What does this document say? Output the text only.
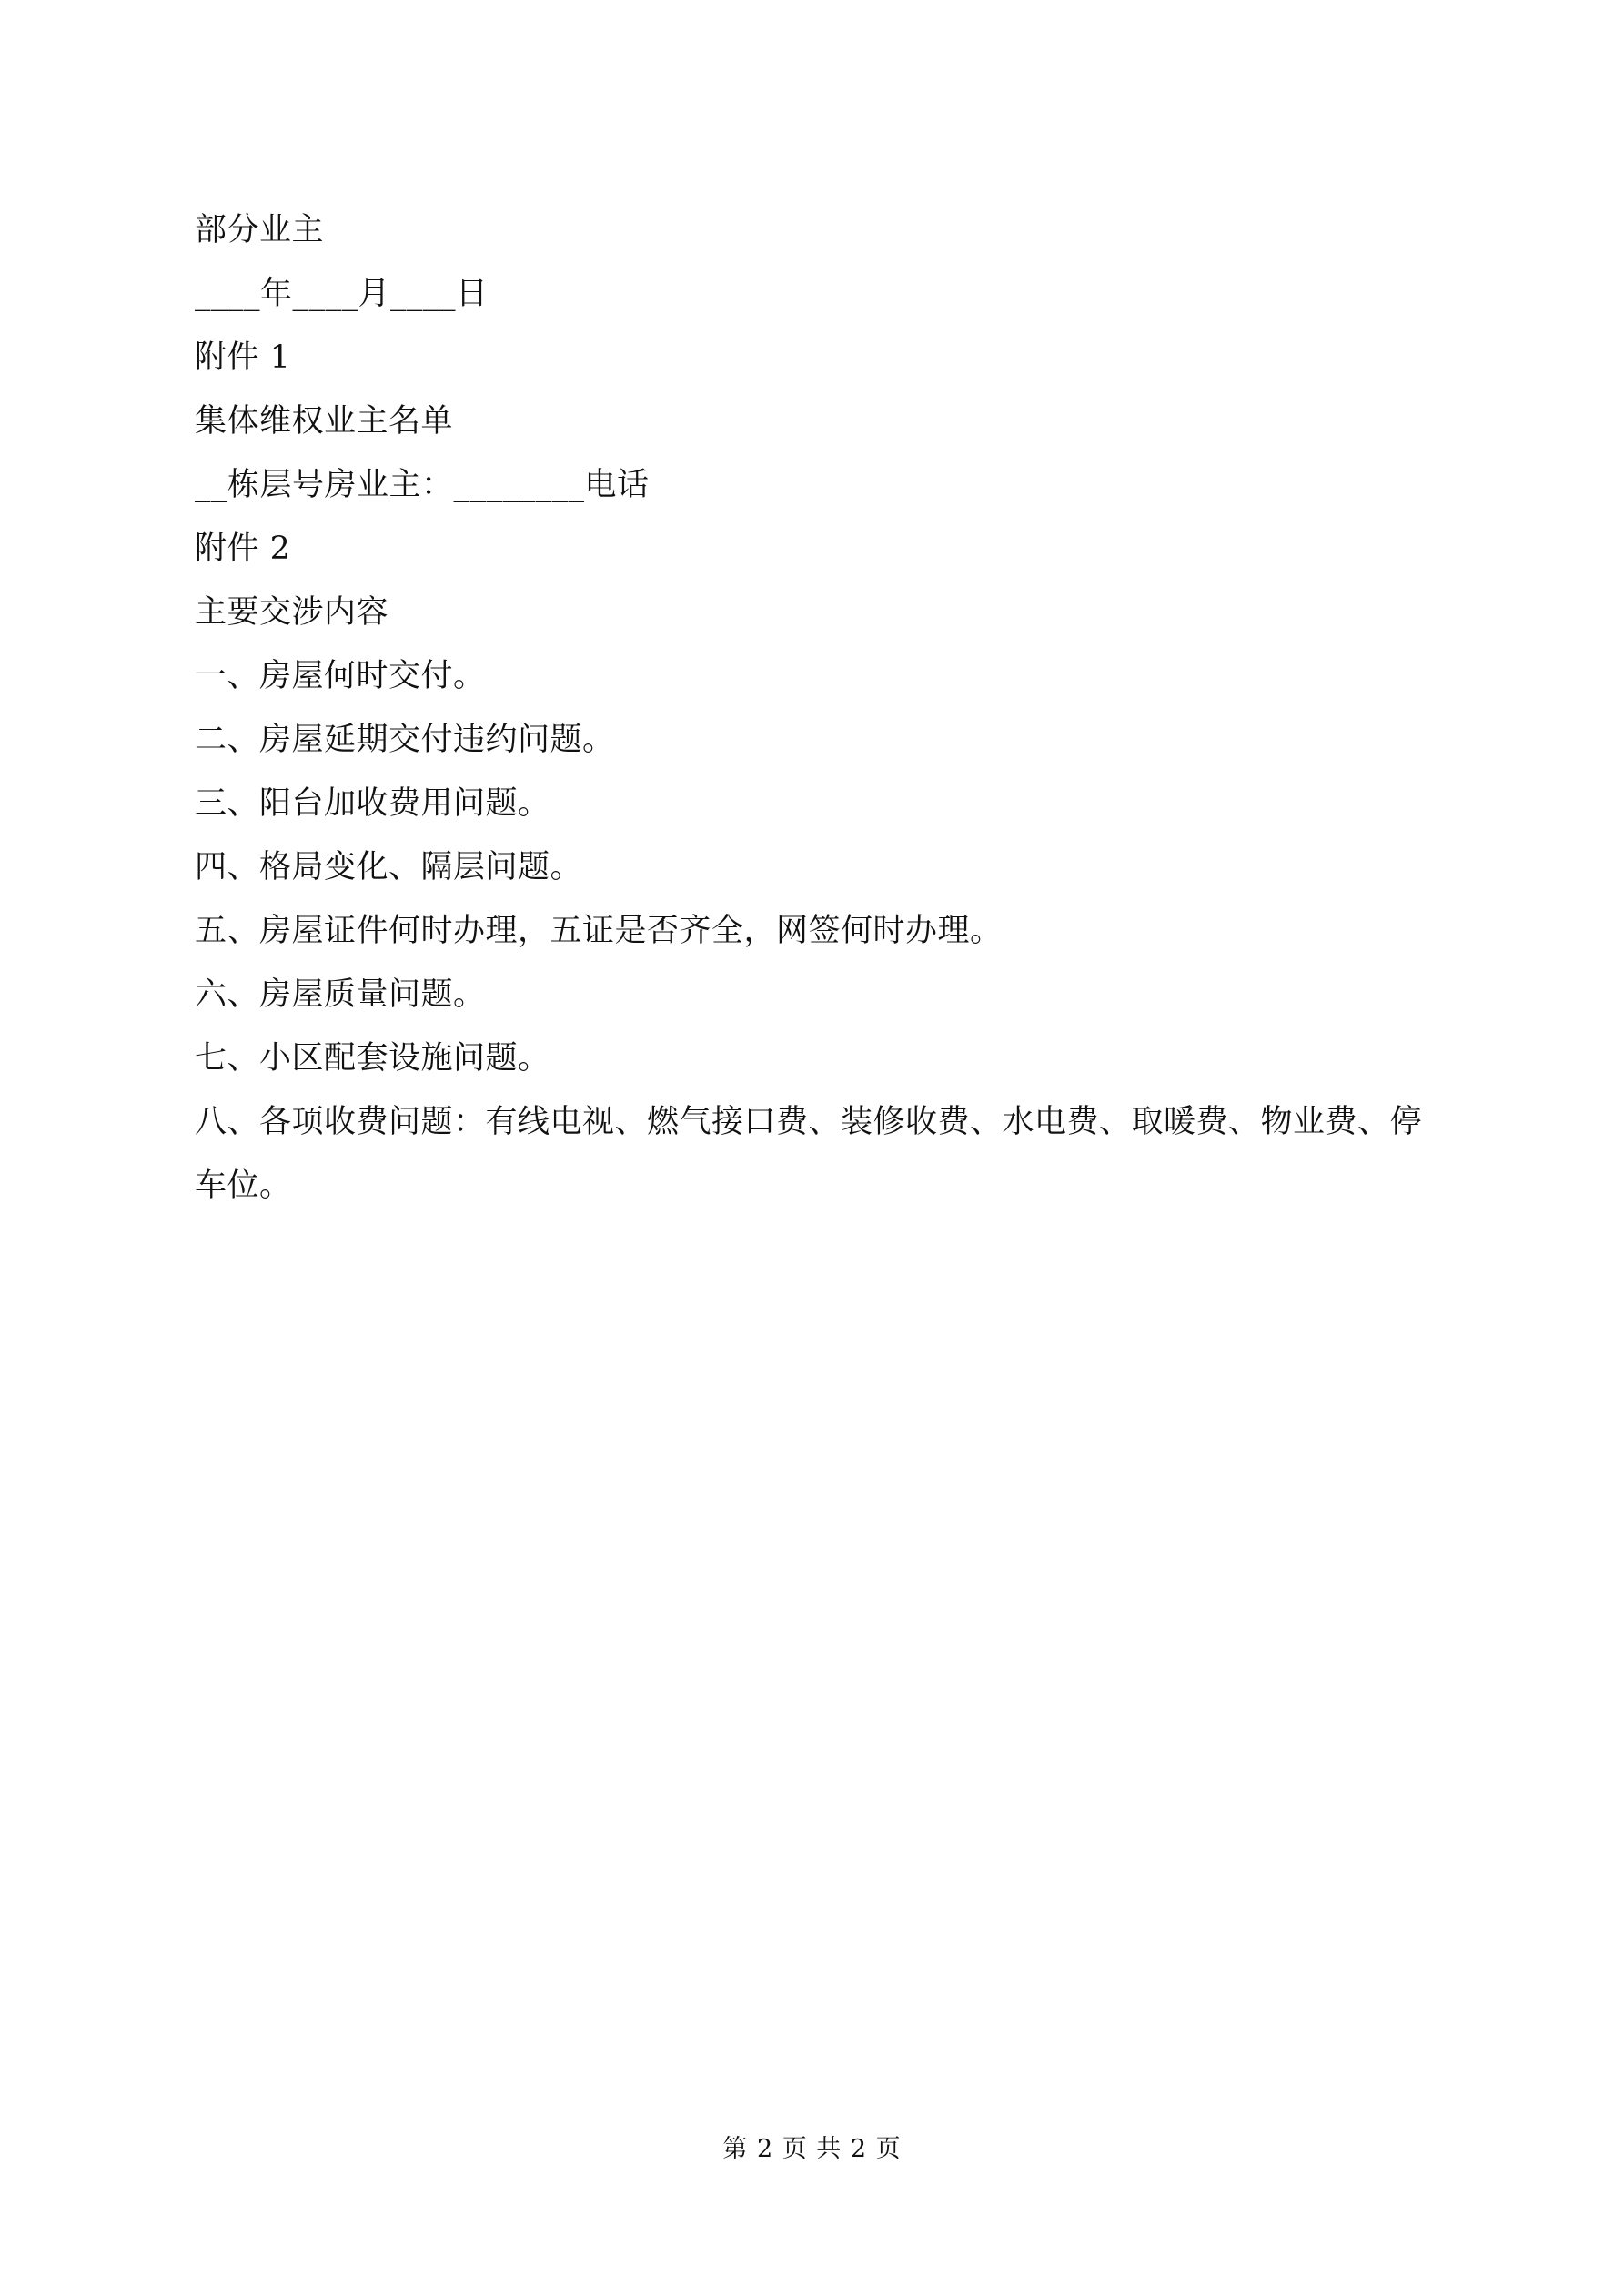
部分业主
____年____月____日
附件 1
集体维权业主名单
__栋层号房业主：________电话
附件 2
主要交涉内容
一、房屋何时交付。
二、房屋延期交付违约问题。
三、阳台加收费用问题。
四、格局变化、隔层问题。
五、房屋证件何时办理，五证是否齐全，网签何时办理。
六、房屋质量问题。
七、小区配套设施问题。
八、各项收费问题：有线电视、燃气接口费、装修收费、水电费、取暖费、物业费、停车位。
第 2 页 共 2 页
